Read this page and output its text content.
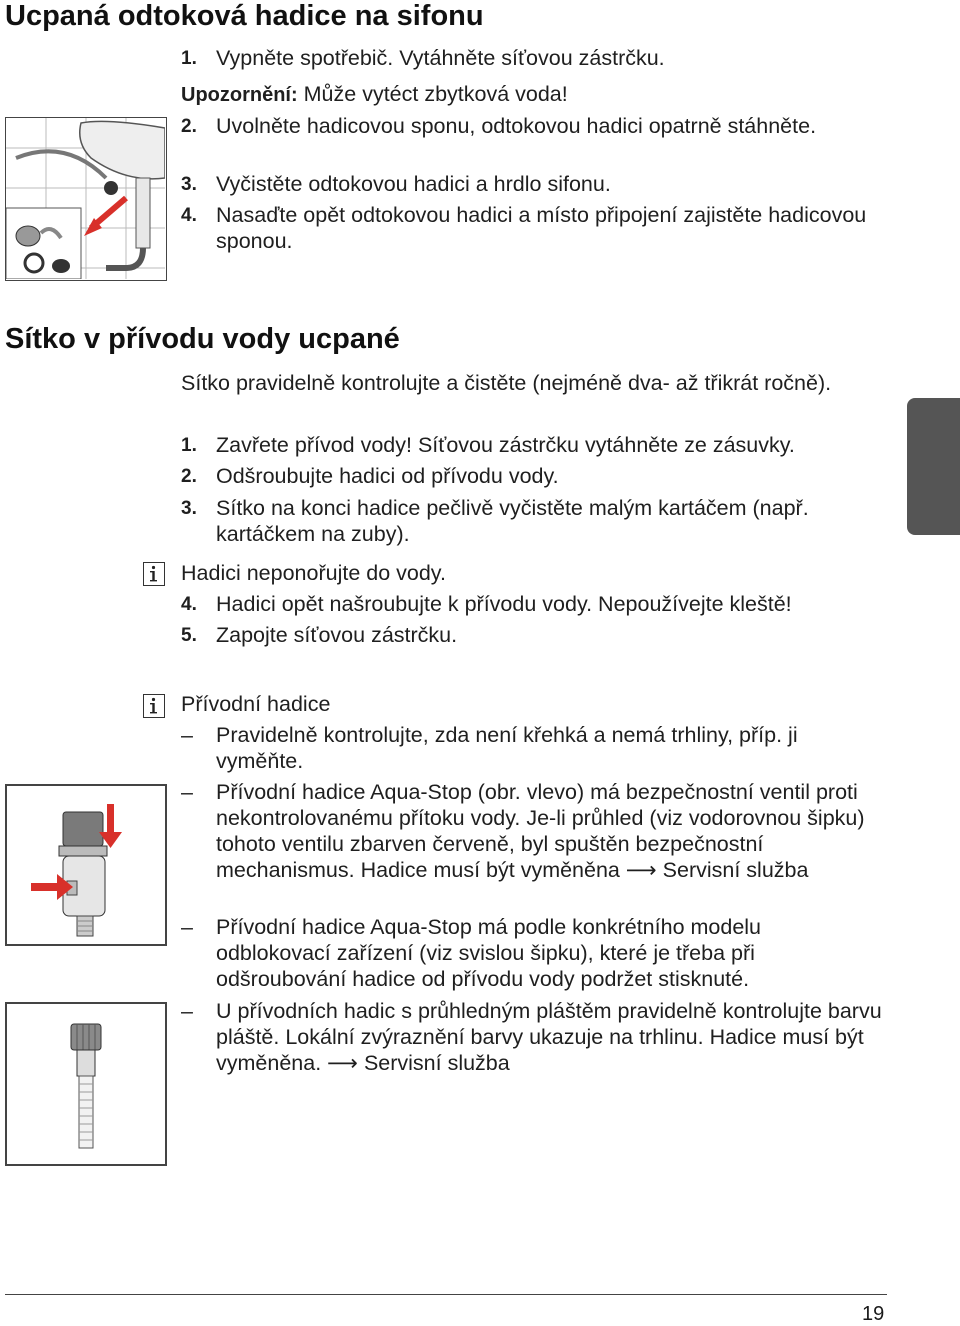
Ucpaná odtoková hadice na sifonu
1. Vypněte spotřebič. Vytáhněte síťovou zástrčku.
Upozornění: Může vytéct zbytková voda!
2. Uvolněte hadicovou sponu, odtokovou hadici opatrně stáhněte.
3. Vyčistěte odtokovou hadici a hrdlo sifonu.
4. Nasaďte opět odtokovou hadici a místo připojení zajistěte hadicovou sponou.
Sítko v přívodu vody ucpané
Sítko pravidelně kontrolujte a čistěte (nejméně dva- až třikrát ročně).
1. Zavřete přívod vody! Síťovou zástrčku vytáhněte ze zásuvky.
2. Odšroubujte hadici od přívodu vody.
3. Sítko na konci hadice pečlivě vyčistěte malým kartáčem (např. kartáčkem na zuby).
Hadici neponořujte do vody.
4. Hadici opět našroubujte k přívodu vody. Nepoužívejte kleště!
5. Zapojte síťovou zástrčku.
Přívodní hadice
– Pravidelně kontrolujte, zda není křehká a nemá trhliny, příp. ji vyměňte.
– Přívodní hadice Aqua-Stop (obr. vlevo) má bezpečnostní ventil proti nekontrolovanému přítoku vody. Je-li průhled (viz vodorovnou šipku) tohoto ventilu zbarven červeně, byl spuštěn bezpečnostní mechanismus. Hadice musí být vyměněna ⟶ Servisní služba
– Přívodní hadice Aqua-Stop má podle konkrétního modelu odblokovací zařízení (viz svislou šipku), které je třeba při odšroubování hadice od přívodu vody podržet stisknuté.
– U přívodních hadic s průhledným pláštěm pravidelně kontrolujte barvu pláště. Lokální zvýraznění barvy ukazuje na trhlinu. Hadice musí být vyměněna. ⟶ Servisní služba
19
